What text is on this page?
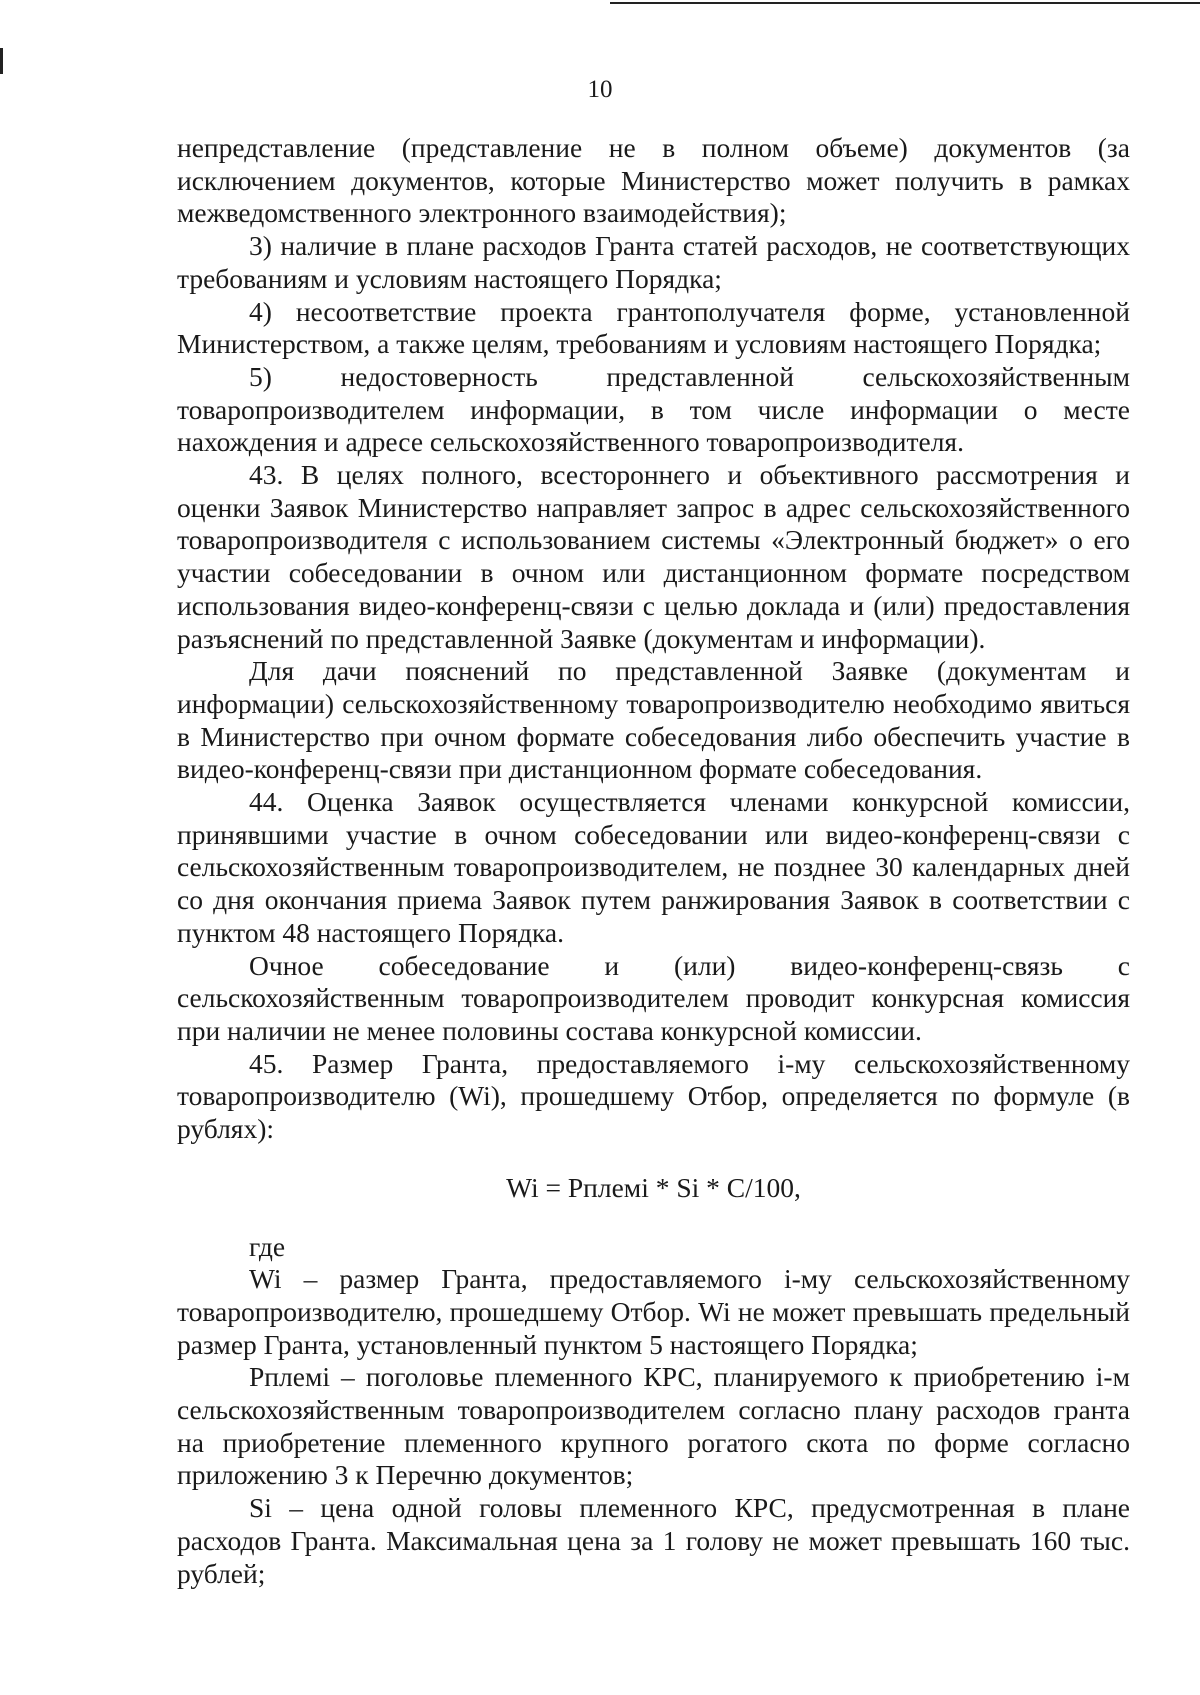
10

непредставление (представление не в полном объеме) документов (за исключением документов, которые Министерство может получить в рамках межведомственного электронного взаимодействия);

3) наличие в плане расходов Гранта статей расходов, не соответствующих требованиям и условиям настоящего Порядка;

4) несоответствие проекта грантополучателя форме, установленной Министерством, а также целям, требованиям и условиям настоящего Порядка;

5) недостоверность представленной сельскохозяйственным товаропроизводителем информации, в том числе информации о месте нахождения и адресе сельскохозяйственного товаропроизводителя.

43. В целях полного, всестороннего и объективного рассмотрения и оценки Заявок Министерство направляет запрос в адрес сельскохозяйственного товаропроизводителя с использованием системы «Электронный бюджет» о его участии собеседовании в очном или дистанционном формате посредством использования видео-конференц-связи с целью доклада и (или) предоставления разъяснений по представленной Заявке (документам и информации).

Для дачи пояснений по представленной Заявке (документам и информации) сельскохозяйственному товаропроизводителю необходимо явиться в Министерство при очном формате собеседования либо обеспечить участие в видео-конференц-связи при дистанционном формате собеседования.

44. Оценка Заявок осуществляется членами конкурсной комиссии, принявшими участие в очном собеседовании или видео-конференц-связи с сельскохозяйственным товаропроизводителем, не позднее 30 календарных дней со дня окончания приема Заявок путем ранжирования Заявок в соответствии с пунктом 48 настоящего Порядка.

Очное собеседование и (или) видео-конференц-связь с сельскохозяйственным товаропроизводителем проводит конкурсная комиссия при наличии не менее половины состава конкурсной комиссии.

45. Размер Гранта, предоставляемого i-му сельскохозяйственному товаропроизводителю (Wi), прошедшему Отбор, определяется по формуле (в рублях):

Wi = Рплемi * Si * С/100,

где

Wi – размер Гранта, предоставляемого i-му сельскохозяйственному товаропроизводителю, прошедшему Отбор. Wi не может превышать предельный размер Гранта, установленный пунктом 5 настоящего Порядка;

Рплемi – поголовье племенного КРС, планируемого к приобретению i-м сельскохозяйственным товаропроизводителем согласно плану расходов гранта на приобретение племенного крупного рогатого скота по форме согласно приложению 3 к Перечню документов;

Si – цена одной головы племенного КРС, предусмотренная в плане расходов Гранта. Максимальная цена за 1 голову не может превышать 160 тыс. рублей;
